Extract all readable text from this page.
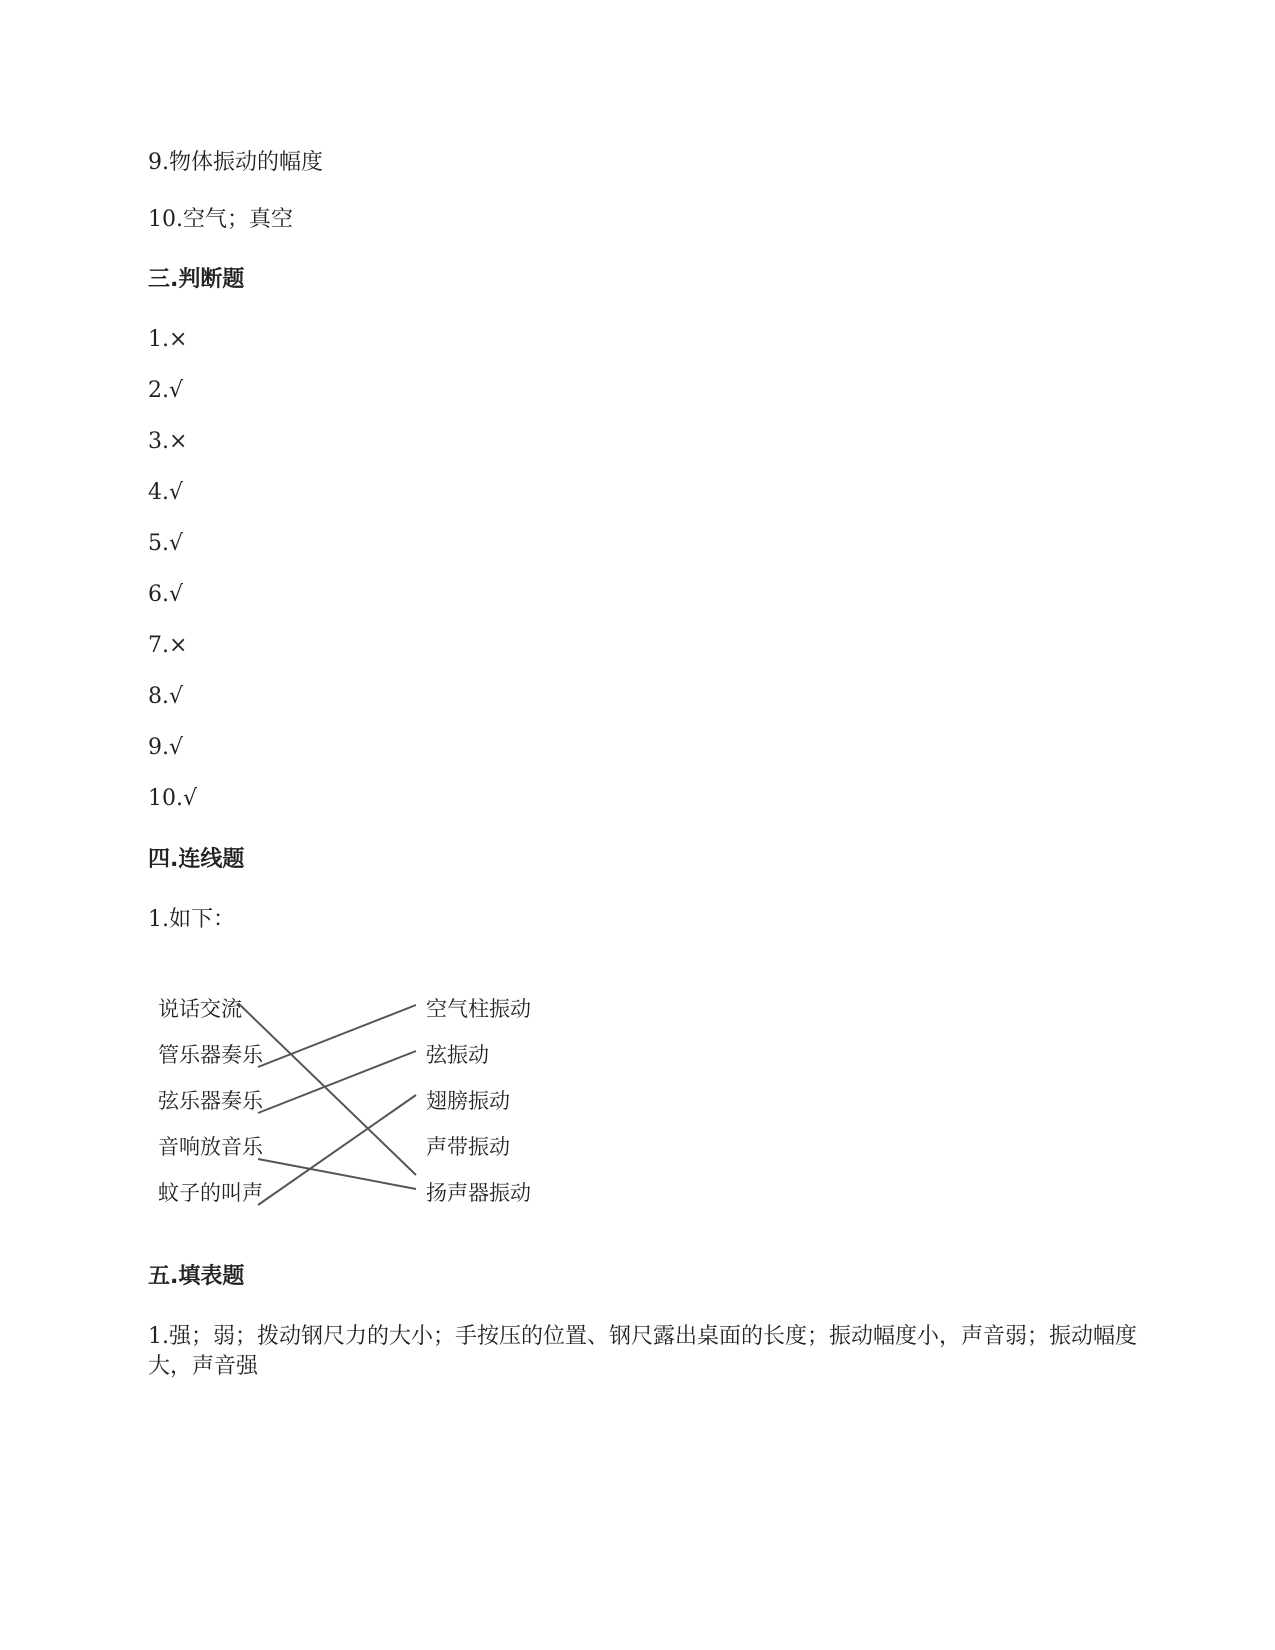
9.物体振动的幅度
10.空气；真空
三.判断题
1.×
2.√
3.×
4.√
5.√
6.√
7.×
8.√
9.√
10.√
四.连线题
1.如下：
说话交流
管乐器奏乐
弦乐器奏乐
音响放音乐
蚊子的叫声
空气柱振动
弦振动
翅膀振动
声带振动
扬声器振动
五.填表题
1.强；弱；拨动钢尺力的大小；手按压的位置、钢尺露出桌面的长度；振动幅度小，声音弱；振动幅度大，声音强
